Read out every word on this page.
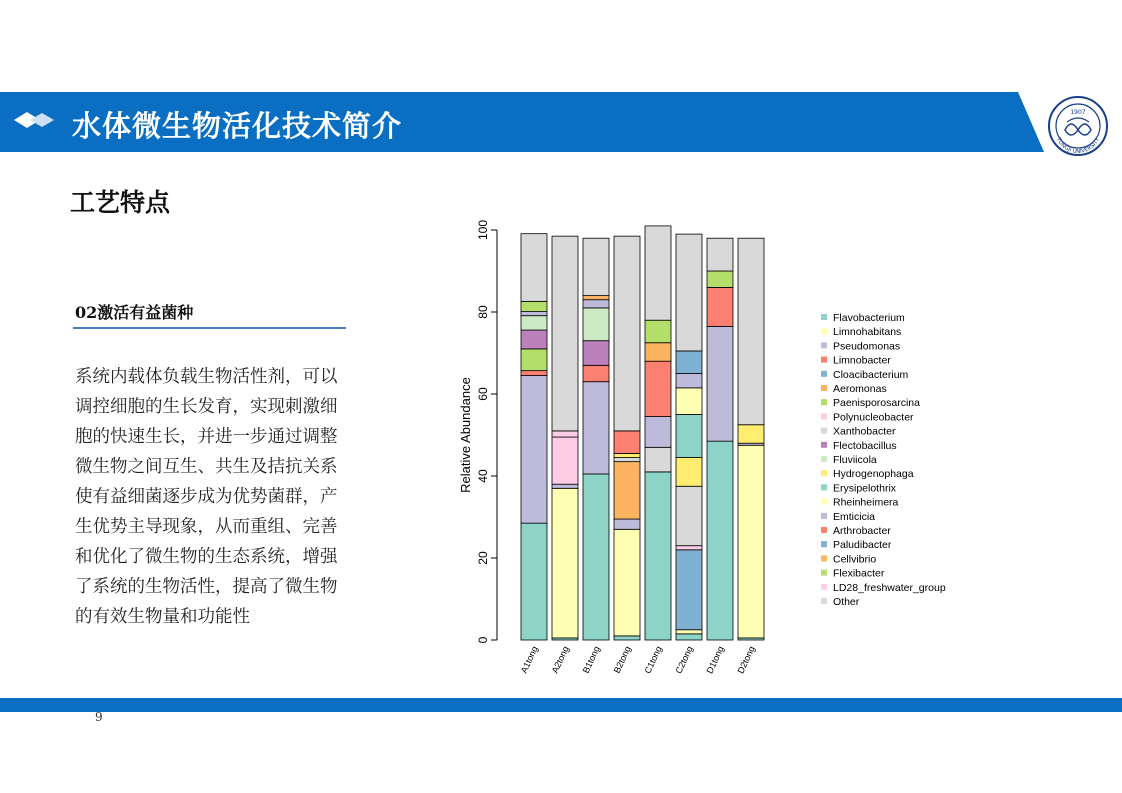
水体微生物活化技术简介	1907
TONGJI UNIVERSITY
工艺特点
02激活有益菌种
系统内载体负载生物活性剂，可以调控细胞的生长发育，实现刺激细胞的快速生长，并进一步通过调整微生物之间互生、共生及拮抗关系使有益细菌逐步成为优势菌群，产生优势主导现象，从而重组、完善和优化了微生物的生态系统，增强了系统的生物活性，提高了微生物的有效生物量和功能性
0
20
40
60
80
100
Relative Abundance
A1tong A2tong B1tong B2tong C1tong C2tong D1tong D2tong
Flavobacterium
Limnohabitans
Pseudomonas
Limnobacter
Cloacibacterium
Aeromonas
Paenisporosarcina
Polynucleobacter
Xanthobacter
Flectobacillus
Fluviicola
Hydrogenophaga
Erysipelothrix
Rheinheimera
Emticicia
Arthrobacter
Paludibacter
Cellvibrio
Flexibacter
LD28_freshwater_group
Other
9
